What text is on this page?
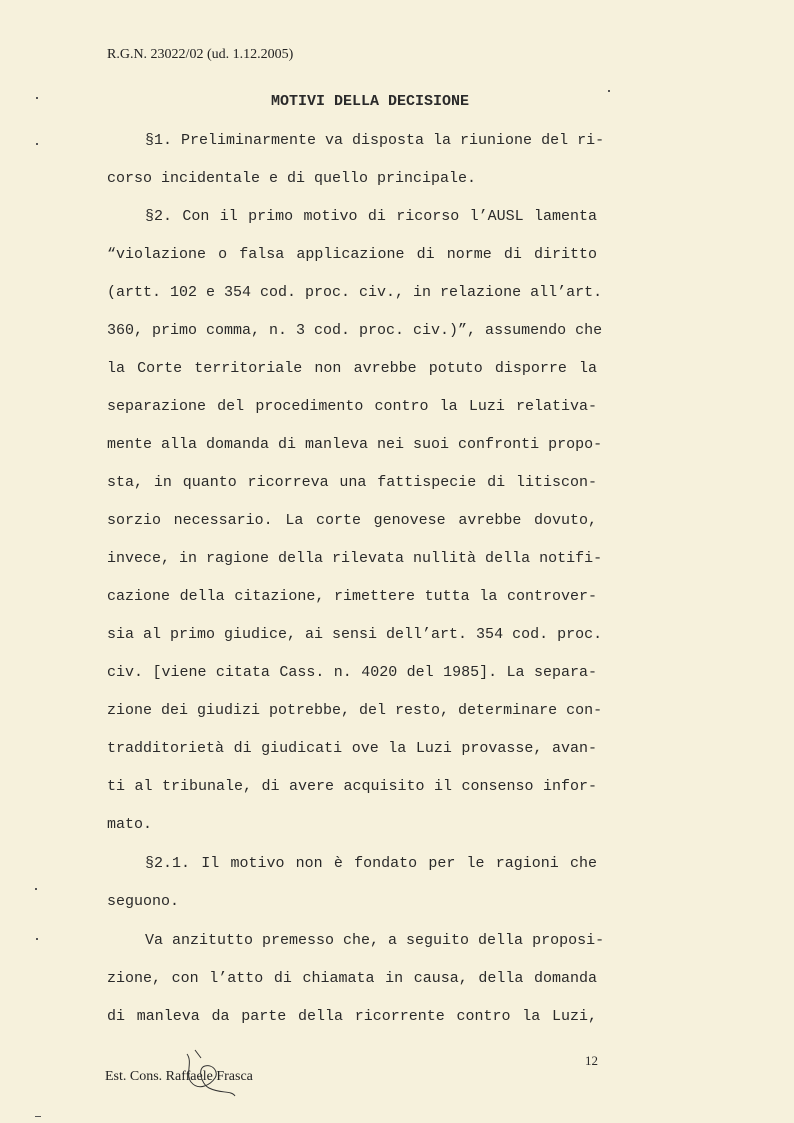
R.G.N. 23022/02 (ud. 1.12.2005)
MOTIVI DELLA DECISIONE
§1. Preliminarmente va disposta la riunione del ri-
corso incidentale e di quello principale.
§2. Con il primo motivo di ricorso l’AUSL lamenta
“violazione o falsa applicazione di norme di diritto
(artt. 102 e 354 cod. proc. civ., in relazione all’art.
360, primo comma, n. 3 cod. proc. civ.)”, assumendo che
la Corte territoriale non avrebbe potuto disporre la
separazione del procedimento contro la Luzi relativa-
mente alla domanda di manleva nei suoi confronti propo-
sta, in quanto ricorreva una fattispecie di litiscon-
sorzio necessario. La corte genovese avrebbe dovuto,
invece, in ragione della rilevata nullità della notifi-
cazione della citazione, rimettere tutta la controver-
sia al primo giudice, ai sensi dell’art. 354 cod. proc.
civ. [viene citata Cass. n. 4020 del 1985]. La separa-
zione dei giudizi potrebbe, del resto, determinare con-
tradditorietà di giudicati ove la Luzi provasse, avan-
ti al tribunale, di avere acquisito il consenso infor-
mato.
§2.1. Il motivo non è fondato per le ragioni che
seguono.
Va anzitutto premesso che, a seguito della proposi-
zione, con l’atto di chiamata in causa, della domanda
di manleva da parte della ricorrente contro la Luzi,
12
Est. Cons. Raffaele Frasca
